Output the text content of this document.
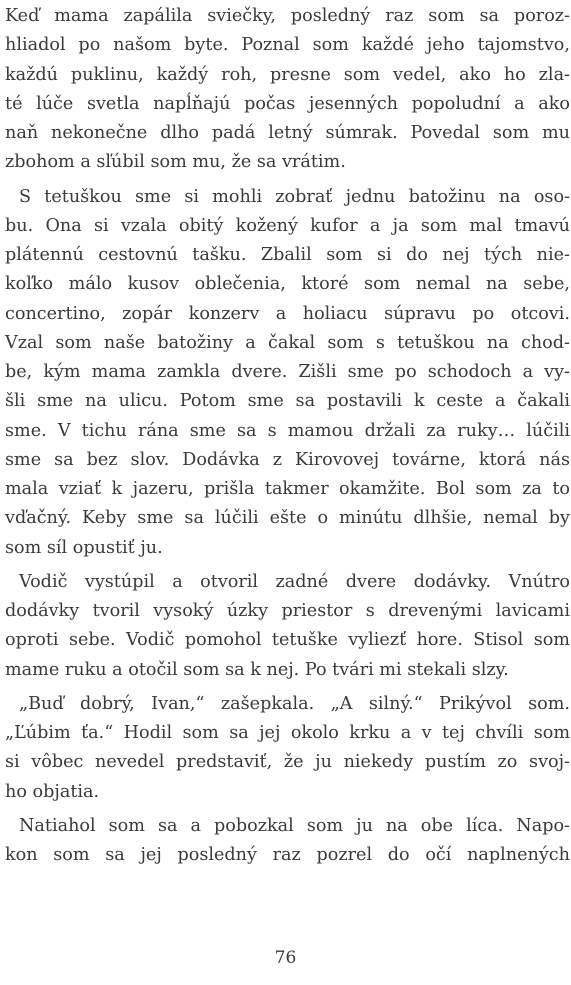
Keď mama zapálila sviečky, posledný raz som sa poroz-
hliadol po našom byte. Poznal som každé jeho tajomstvo,
každú puklinu, každý roh, presne som vedel, ako ho zla-
té lúče svetla napĺňajú počas jesenných popoludní a ako
naň nekonečne dlho padá letný súmrak. Povedal som mu
zbohom a sľúbil som mu, že sa vrátim.
S tetuškou sme si mohli zobrať jednu batožinu na oso-
bu. Ona si vzala obitý kožený kufor a ja som mal tmavú
plátennú cestovnú tašku. Zbalil som si do nej tých nie-
koľko málo kusov oblečenia, ktoré som nemal na sebe,
concertino, zopár konzerv a holiacu súpravu po otcovi.
Vzal som naše batožiny a čakal som s tetuškou na chod-
be, kým mama zamkla dvere. Zišli sme po schodoch a vy-
šli sme na ulicu. Potom sme sa postavili k ceste a čakali
sme. V tichu rána sme sa s mamou držali za ruky… lúčili
sme sa bez slov. Dodávka z Kirovovej továrne, ktorá nás
mala vziať k jazeru, prišla takmer okamžite. Bol som za to
vďačný. Keby sme sa lúčili ešte o minútu dlhšie, nemal by
som síl opustiť ju.
Vodič vystúpil a otvoril zadné dvere dodávky. Vnútro
dodávky tvoril vysoký úzky priestor s drevenými lavicami
oproti sebe. Vodič pomohol tetuške vyliezť hore. Stisol som
mame ruku a otočil som sa k nej. Po tvári mi stekali slzy.
„Buď dobrý, Ivan,“ zašepkala. „A silný.“ Prikývol som.
„Ľúbim ťa.“ Hodil som sa jej okolo krku a v tej chvíli som
si vôbec nevedel predstaviť, že ju niekedy pustím zo svoj-
ho objatia.
Natiahol som sa a pobozkal som ju na obe líca. Napo-
kon som sa jej posledný raz pozrel do očí naplnených
76
